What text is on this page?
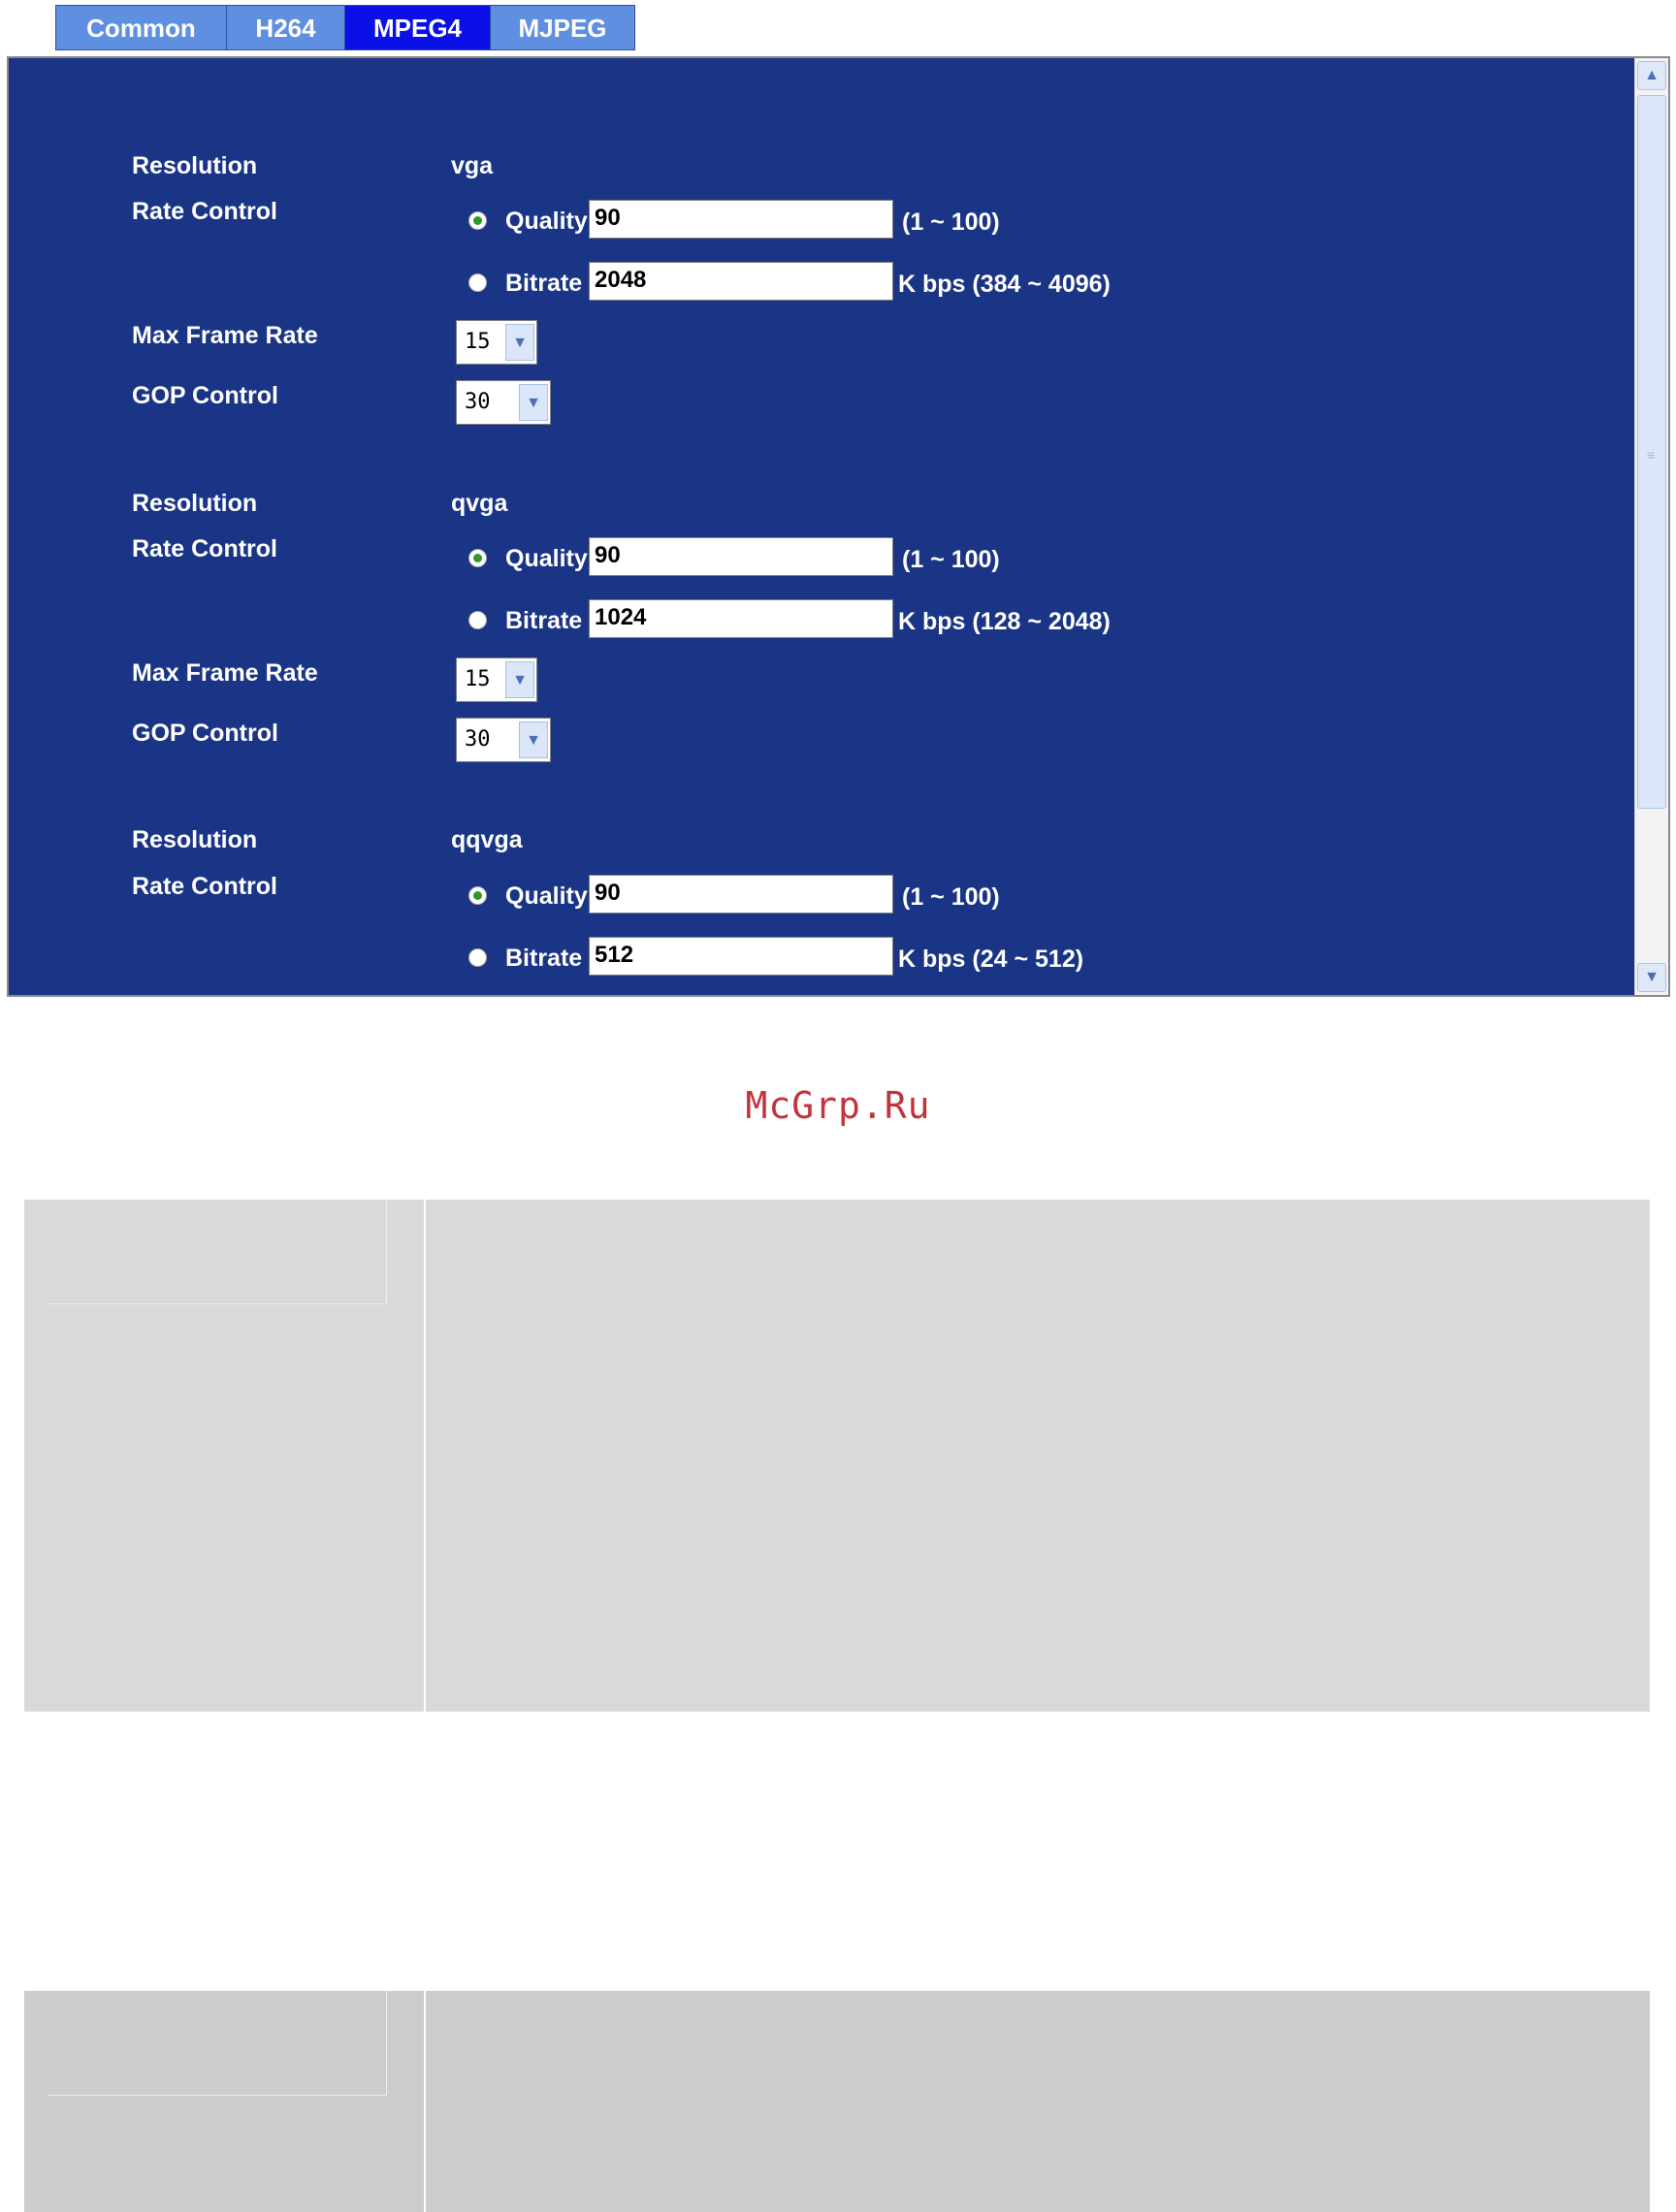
Common	H264	MPEG4	MJPEG
Resolution	vga
Rate Control	Quality 90	(1 ~ 100)
Bitrate 2048	K bps (384 ~ 4096)
Max Frame Rate	15	▼
GOP Control	30	▼
Resolution	qvga
Rate Control	Quality 90	(1 ~ 100)
Bitrate 1024	K bps (128 ~ 2048)
Max Frame Rate	15	▼
GOP Control	30	▼
Resolution	qqvga
Rate Control	Quality 90	(1 ~ 100)
Bitrate 512	K bps (24 ~ 512)
▲
≡
▼
McGrp.Ru
